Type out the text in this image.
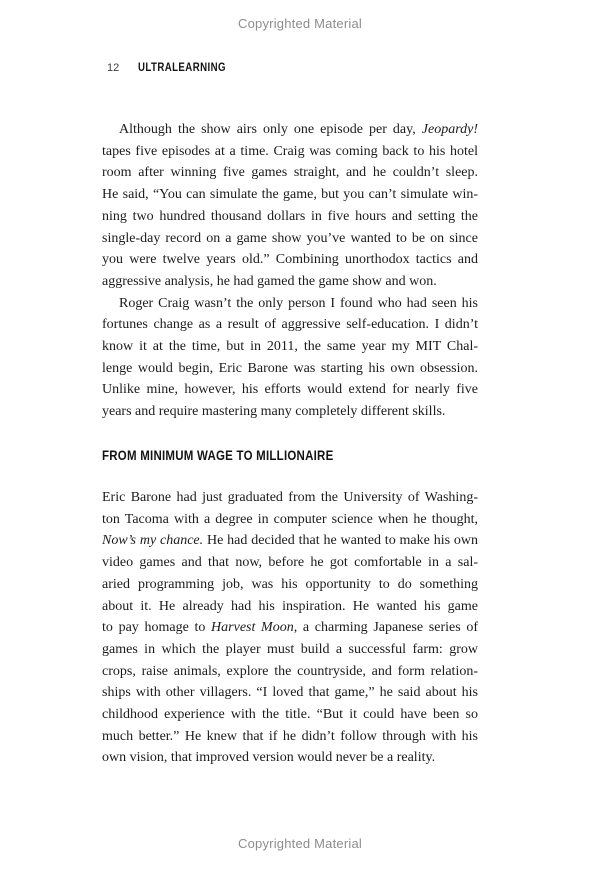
Copyrighted Material
12 ULTRALEARNING
Although the show airs only one episode per day, Jeopardy!
tapes five episodes at a time. Craig was coming back to his hotel
room after winning five games straight, and he couldn’t sleep.
He said, “You can simulate the game, but you can’t simulate win-
ning two hundred thousand dollars in five hours and setting the
single-day record on a game show you’ve wanted to be on since
you were twelve years old.” Combining unorthodox tactics and
aggressive analysis, he had gamed the game show and won.
Roger Craig wasn’t the only person I found who had seen his
fortunes change as a result of aggressive self-education. I didn’t
know it at the time, but in 2011, the same year my MIT Chal-
lenge would begin, Eric Barone was starting his own obsession.
Unlike mine, however, his efforts would extend for nearly five
years and require mastering many completely different skills.
FROM MINIMUM WAGE TO MILLIONAIRE
Eric Barone had just graduated from the University of Washing-
ton Tacoma with a degree in computer science when he thought,
Now’s my chance. He had decided that he wanted to make his own
video games and that now, before he got comfortable in a sal-
aried programming job, was his opportunity to do something
about it. He already had his inspiration. He wanted his game
to pay homage to Harvest Moon, a charming Japanese series of
games in which the player must build a successful farm: grow
crops, raise animals, explore the countryside, and form relation-
ships with other villagers. “I loved that game,” he said about his
childhood experience with the title. “But it could have been so
much better.” He knew that if he didn’t follow through with his
own vision, that improved version would never be a reality.
Copyrighted Material
